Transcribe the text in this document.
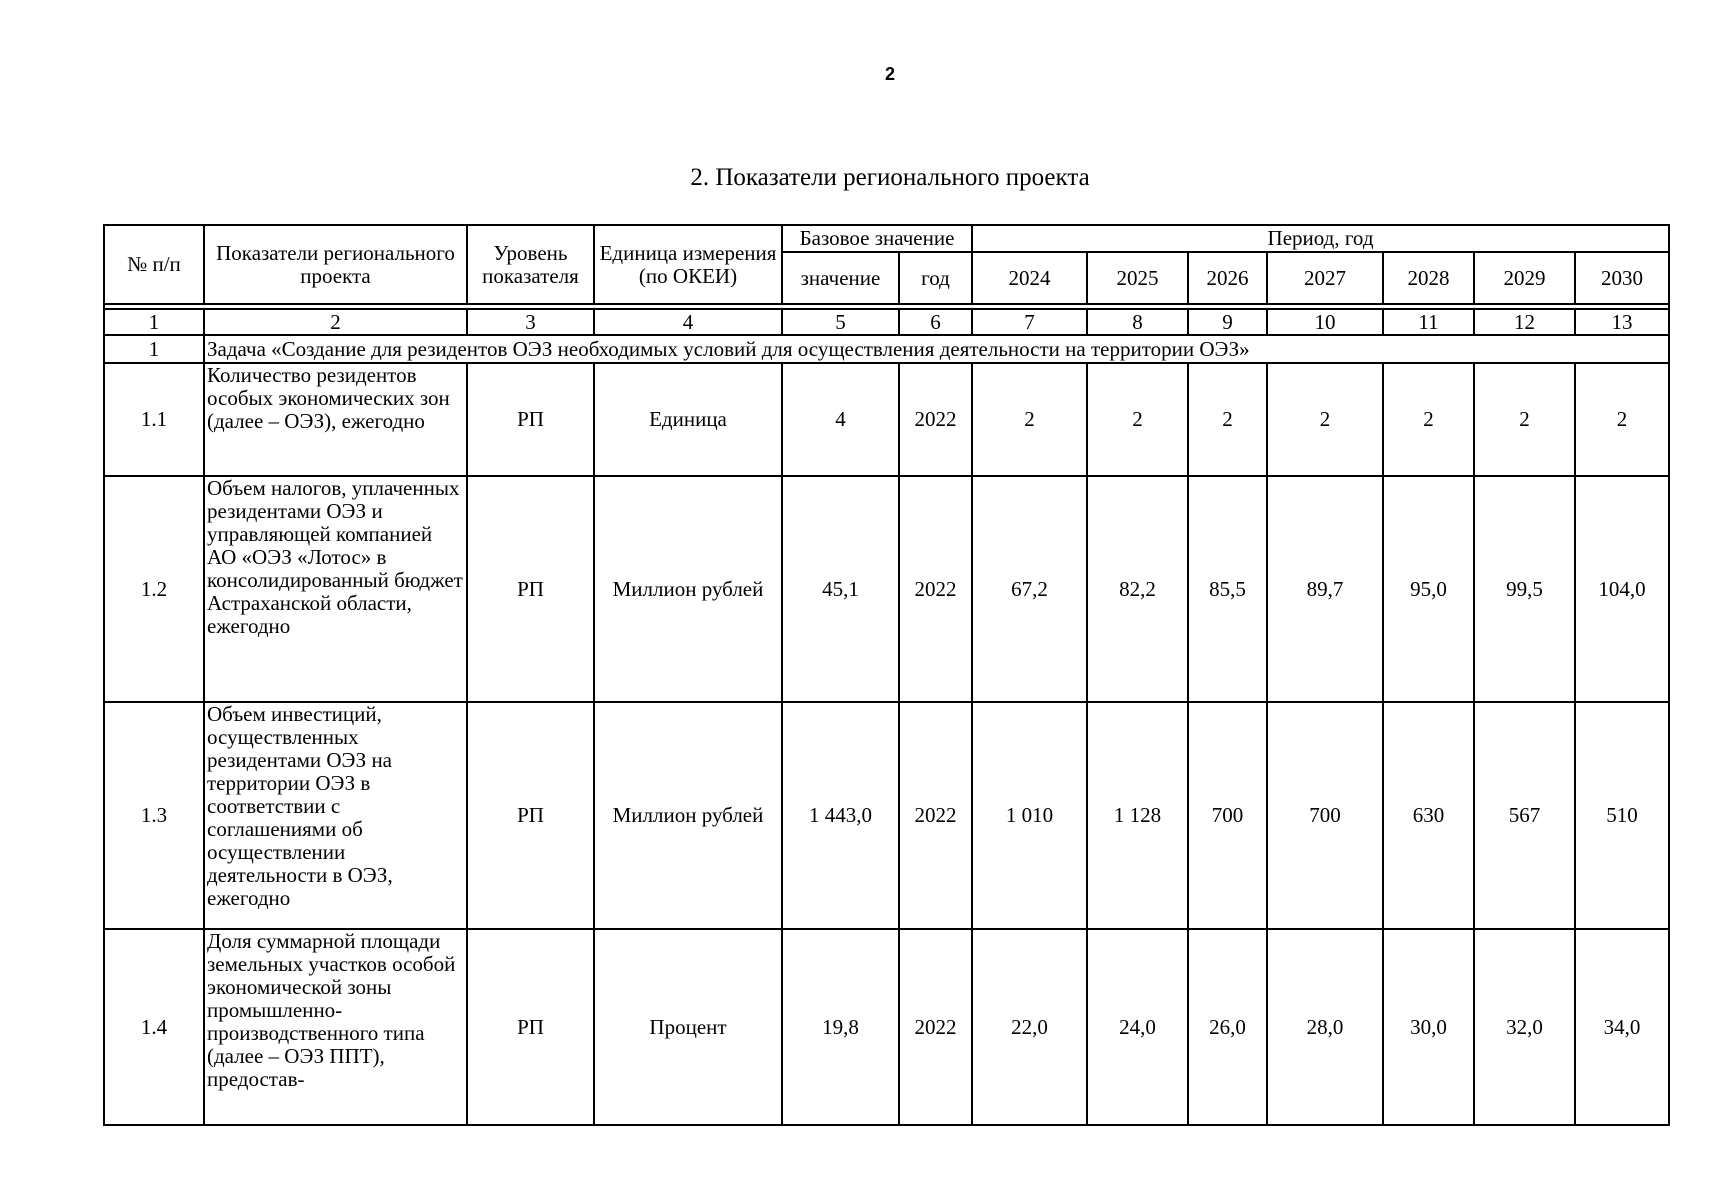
2
2. Показатели регионального проекта
№ п/п	Показатели регионального проекта	Уровень показателя	Единица измерения (по ОКЕИ)	Базовое значение		Период, год						
				значение	год	2024	2025	2026	2027	2028	2029	2030

1	2	3	4	5	6	7	8	9	10	11	12	13
1	Задача «Создание для резидентов ОЭЗ необходимых условий для осуществления деятельности на территории ОЭЗ»											
1.1	Количество резидентов особых экономических зон (далее – ОЭЗ), ежегодно	РП	Единица	4	2022	2	2	2	2	2	2	2
1.2	Объем налогов, уплаченных резидентами ОЭЗ и управляющей компанией АО «ОЭЗ «Лотос» в консолидированный бюджет Астраханской области, ежегодно	РП	Миллион рублей	45,1	2022	67,2	82,2	85,5	89,7	95,0	99,5	104,0
1.3	Объем инвестиций, осуществленных резидентами ОЭЗ на территории ОЭЗ в соответствии с соглашениями об осуществлении деятельности в ОЭЗ, ежегодно	РП	Миллион рублей	1 443,0	2022	1 010	1 128	700	700	630	567	510
1.4	Доля суммарной площади земельных участков особой экономической зоны промышленно-производственного типа (далее – ОЭЗ ППТ), предостав-	РП	Процент	19,8	2022	22,0	24,0	26,0	28,0	30,0	32,0	34,0
